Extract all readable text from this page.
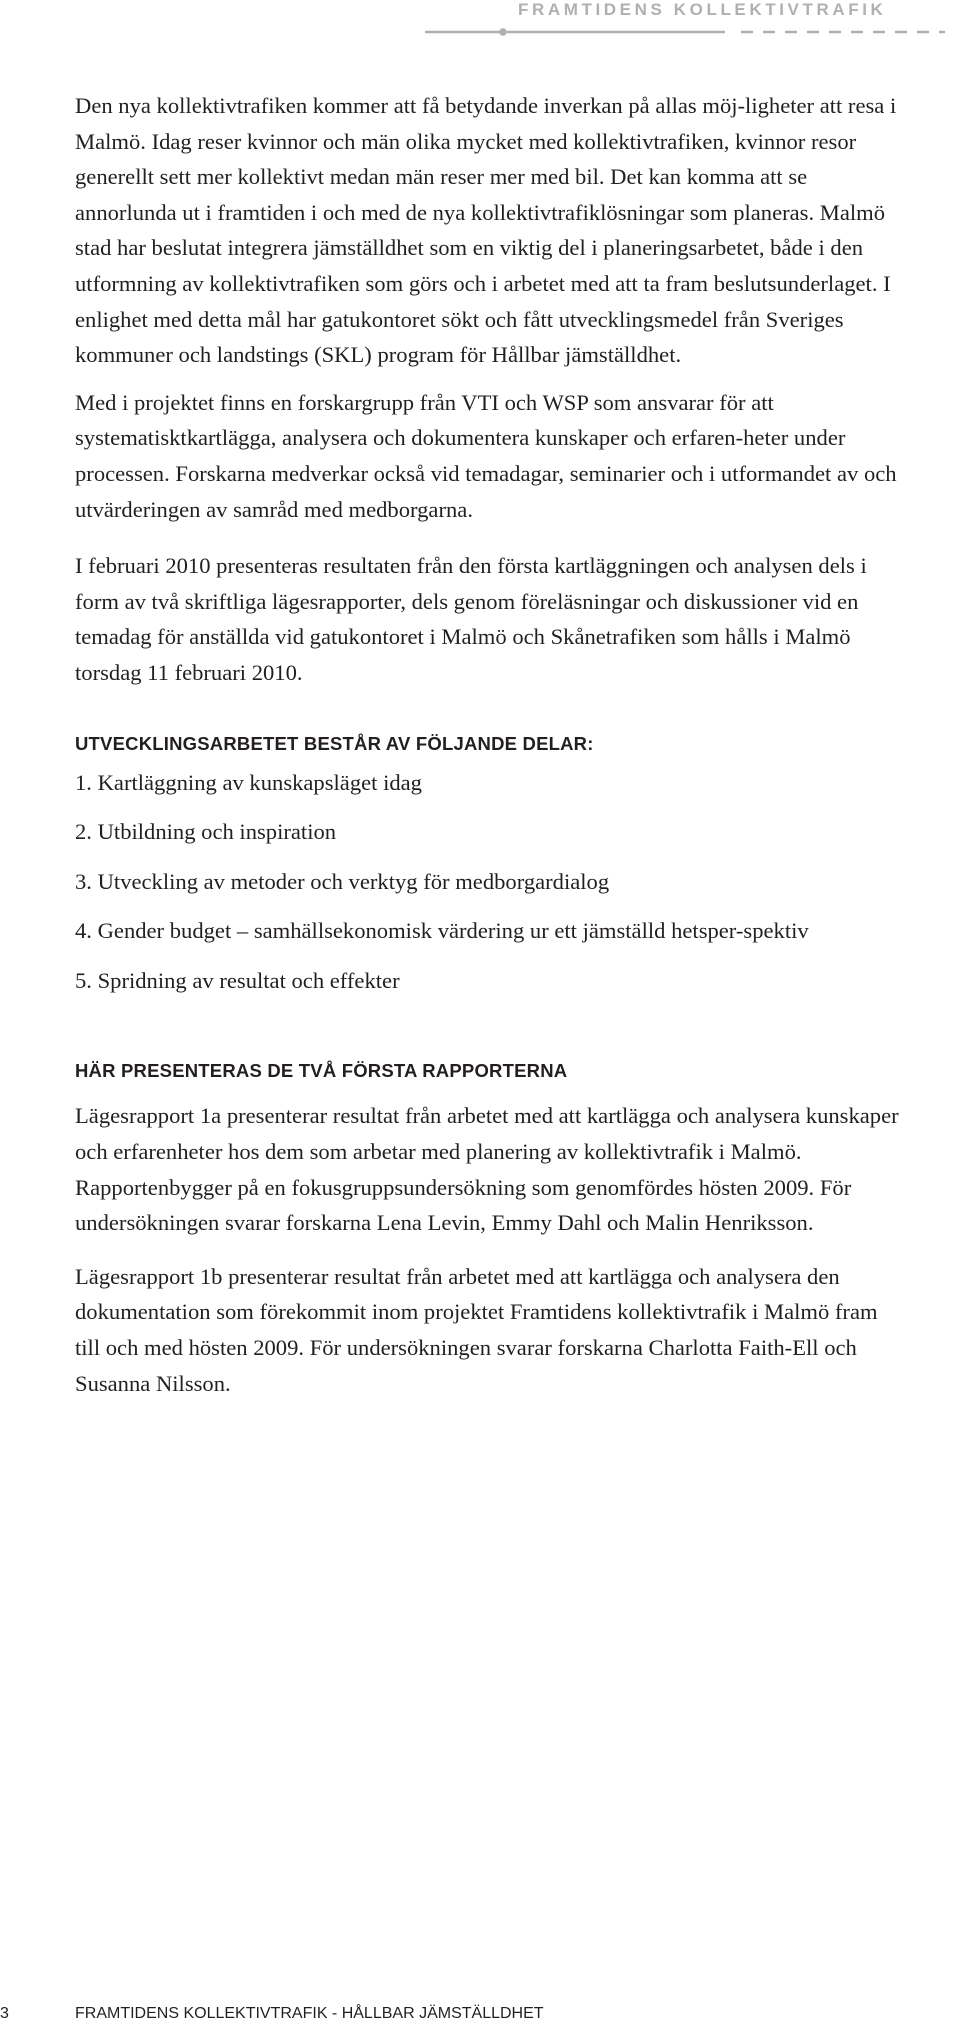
FRAMTIDENS KOLLEKTIVTRAFIK

Den nya kollektivtrafiken kommer att få betydande inverkan på allas möj-ligheter att resa i Malmö. Idag reser kvinnor och män olika mycket med kollektivtrafiken, kvinnor resor generellt sett mer kollektivt medan män reser mer med bil. Det kan komma att se annorlunda ut i framtiden i och med de nya kollektivtrafiklösningar som planeras. Malmö stad har beslutat integrera jämställdhet som en viktig del i planeringsarbetet, både i den utformning av kollektivtrafiken som görs och i arbetet med att ta fram beslutsunderlaget. I enlighet med detta mål har gatukontoret sökt och fått utvecklingsmedel från Sveriges kommuner och landstings (SKL) program för Hållbar jämställdhet.

Med i projektet finns en forskargrupp från VTI och WSP som ansvarar för att systematisktkartlägga, analysera och dokumentera kunskaper och erfaren-heter under processen. Forskarna medverkar också vid temadagar, seminarier och i utformandet av och utvärderingen av samråd med medborgarna.

I februari 2010 presenteras resultaten från den första kartläggningen och analysen dels i form av två skriftliga lägesrapporter, dels genom föreläsningar och diskussioner vid en temadag för anställda vid gatukontoret i Malmö och Skånetrafiken som hålls i Malmö torsdag 11 februari 2010.

UTVECKLINGSARBETET BESTÅR AV FÖLJANDE DELAR:
1. Kartläggning av kunskapsläget idag
2. Utbildning och inspiration
3. Utveckling av metoder och verktyg för medborgardialog
4. Gender budget – samhällsekonomisk värdering ur ett jämställd hetsper-spektiv
5. Spridning av resultat och effekter
HÄR PRESENTERAS DE TVÅ FÖRSTA RAPPORTERNA

Lägesrapport 1a presenterar resultat från arbetet med att kartlägga och analysera kunskaper och erfarenheter hos dem som arbetar med planering av kollektivtrafik i Malmö. Rapportenbygger på en fokusgruppsundersökning som genomfördes hösten 2009. För undersökningen svarar forskarna Lena Levin, Emmy Dahl och Malin Henriksson.

Lägesrapport 1b presenterar resultat från arbetet med att kartlägga och analysera den dokumentation som förekommit inom projektet Framtidens kollektivtrafik i Malmö fram till och med hösten 2009. För undersökningen svarar forskarna Charlotta Faith-Ell och Susanna Nilsson.

3	FRAMTIDENS KOLLEKTIVTRAFIK - HÅLLBAR JÄMSTÄLLDHET
